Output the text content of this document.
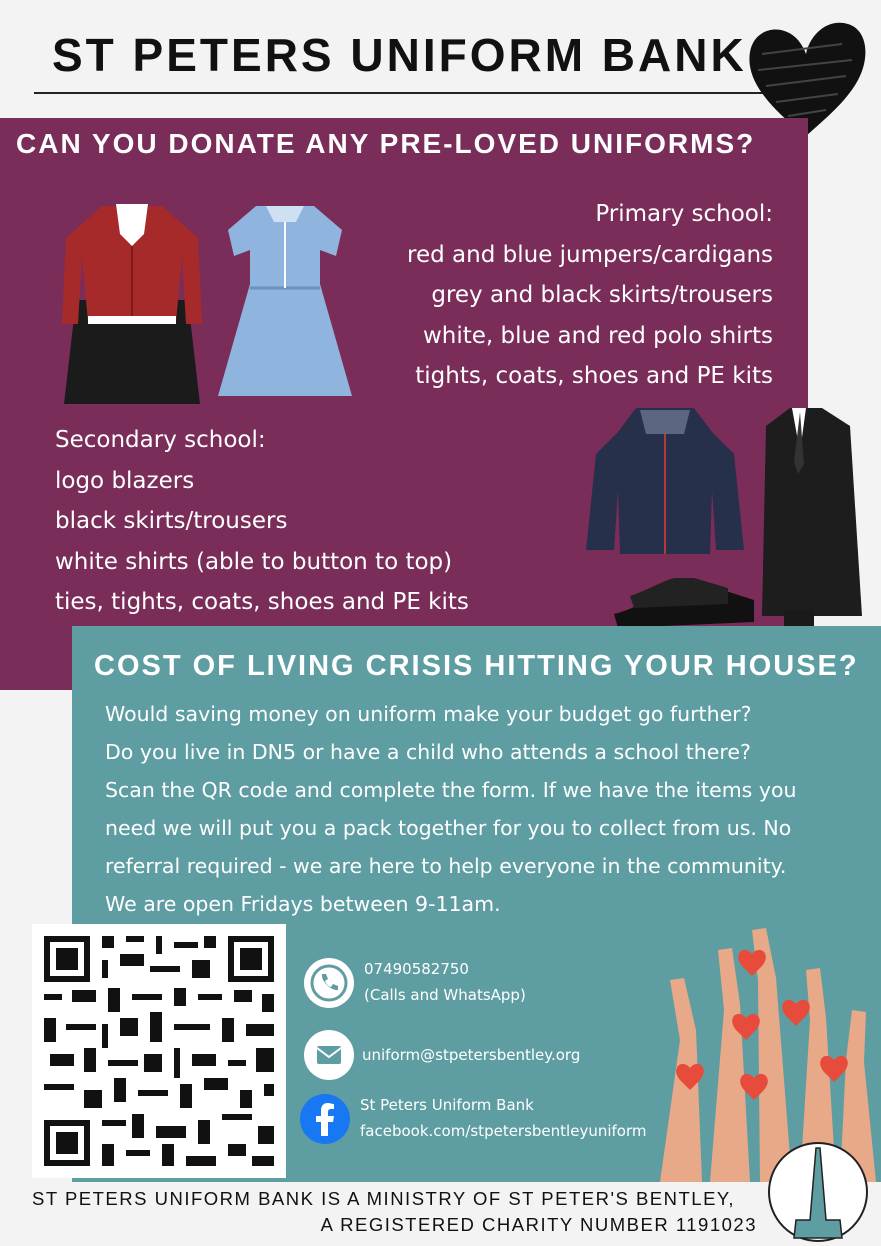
ST PETERS UNIFORM BANK
CAN YOU DONATE ANY PRE-LOVED UNIFORMS?
Primary school:
red and blue jumpers/cardigans
grey and black skirts/trousers
white, blue and red polo shirts
tights, coats, shoes and PE kits
Secondary school:
logo blazers
black skirts/trousers
white shirts (able to button to top)
ties, tights, coats, shoes and PE kits
COST OF LIVING CRISIS HITTING YOUR HOUSE?
Would saving money on uniform make your budget go further?
Do you live in DN5 or have a child who attends a school there?
Scan the QR code and complete the form. If we have the items you
need we will put you a pack together for you to collect from us. No
referral required - we are here to help everyone in the community.
We are open Fridays between 9-11am.
07490582750
(Calls and WhatsApp)
uniform@stpetersbentley.org
St Peters Uniform Bank
facebook.com/stpetersbentleyuniform
ST PETERS UNIFORM BANK IS A MINISTRY OF ST PETER'S BENTLEY,
A REGISTERED CHARITY NUMBER 1191023
